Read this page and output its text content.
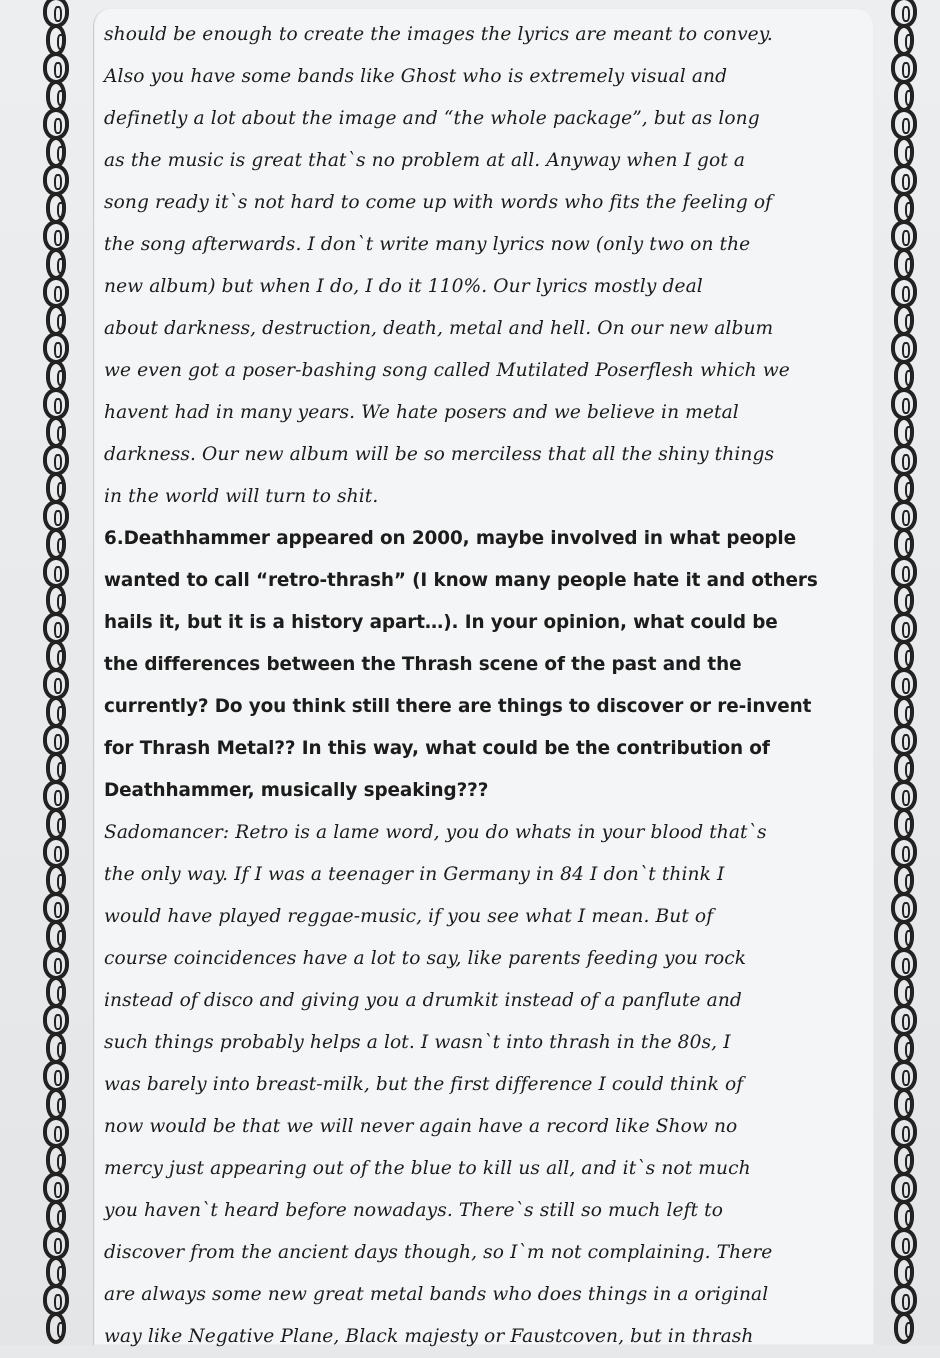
should be enough to create the images the lyrics are meant to convey.
Also you have some bands like Ghost who is extremely visual and
definetly a lot about the image and “the whole package”, but as long
as the music is great that`s no problem at all. Anyway when I got a
song ready it`s not hard to come up with words who fits the feeling of
the song afterwards. I don`t write many lyrics now (only two on the
new album) but when I do, I do it 110%. Our lyrics mostly deal
about darkness, destruction, death, metal and hell. On our new album
we even got a poser-bashing song called Mutilated Poserflesh which we
havent had in many years. We hate posers and we believe in metal
darkness. Our new album will be so merciless that all the shiny things
in the world will turn to shit.
6.Deathhammer appeared on 2000, maybe involved in what people
wanted to call “retro-thrash” (I know many people hate it and others
hails it, but it is a history apart…). In your opinion, what could be
the differences between the Thrash scene of the past and the
currently? Do you think still there are things to discover or re-invent
for Thrash Metal?? In this way, what could be the contribution of
Deathhammer, musically speaking???
Sadomancer: Retro is a lame word, you do whats in your blood that`s
the only way. If I was a teenager in Germany in 84 I don`t think I
would have played reggae-music, if you see what I mean. But of
course coincidences have a lot to say, like parents feeding you rock
instead of disco and giving you a drumkit instead of a panflute and
such things probably helps a lot. I wasn`t into thrash in the 80s, I
was barely into breast-milk, but the first difference I could think of
now would be that we will never again have a record like Show no
mercy just appearing out of the blue to kill us all, and it`s not much
you haven`t heard before nowadays. There`s still so much left to
discover from the ancient days though, so I`m not complaining. There
are always some new great metal bands who does things in a original
way like Negative Plane, Black majesty or Faustcoven, but in thrash
